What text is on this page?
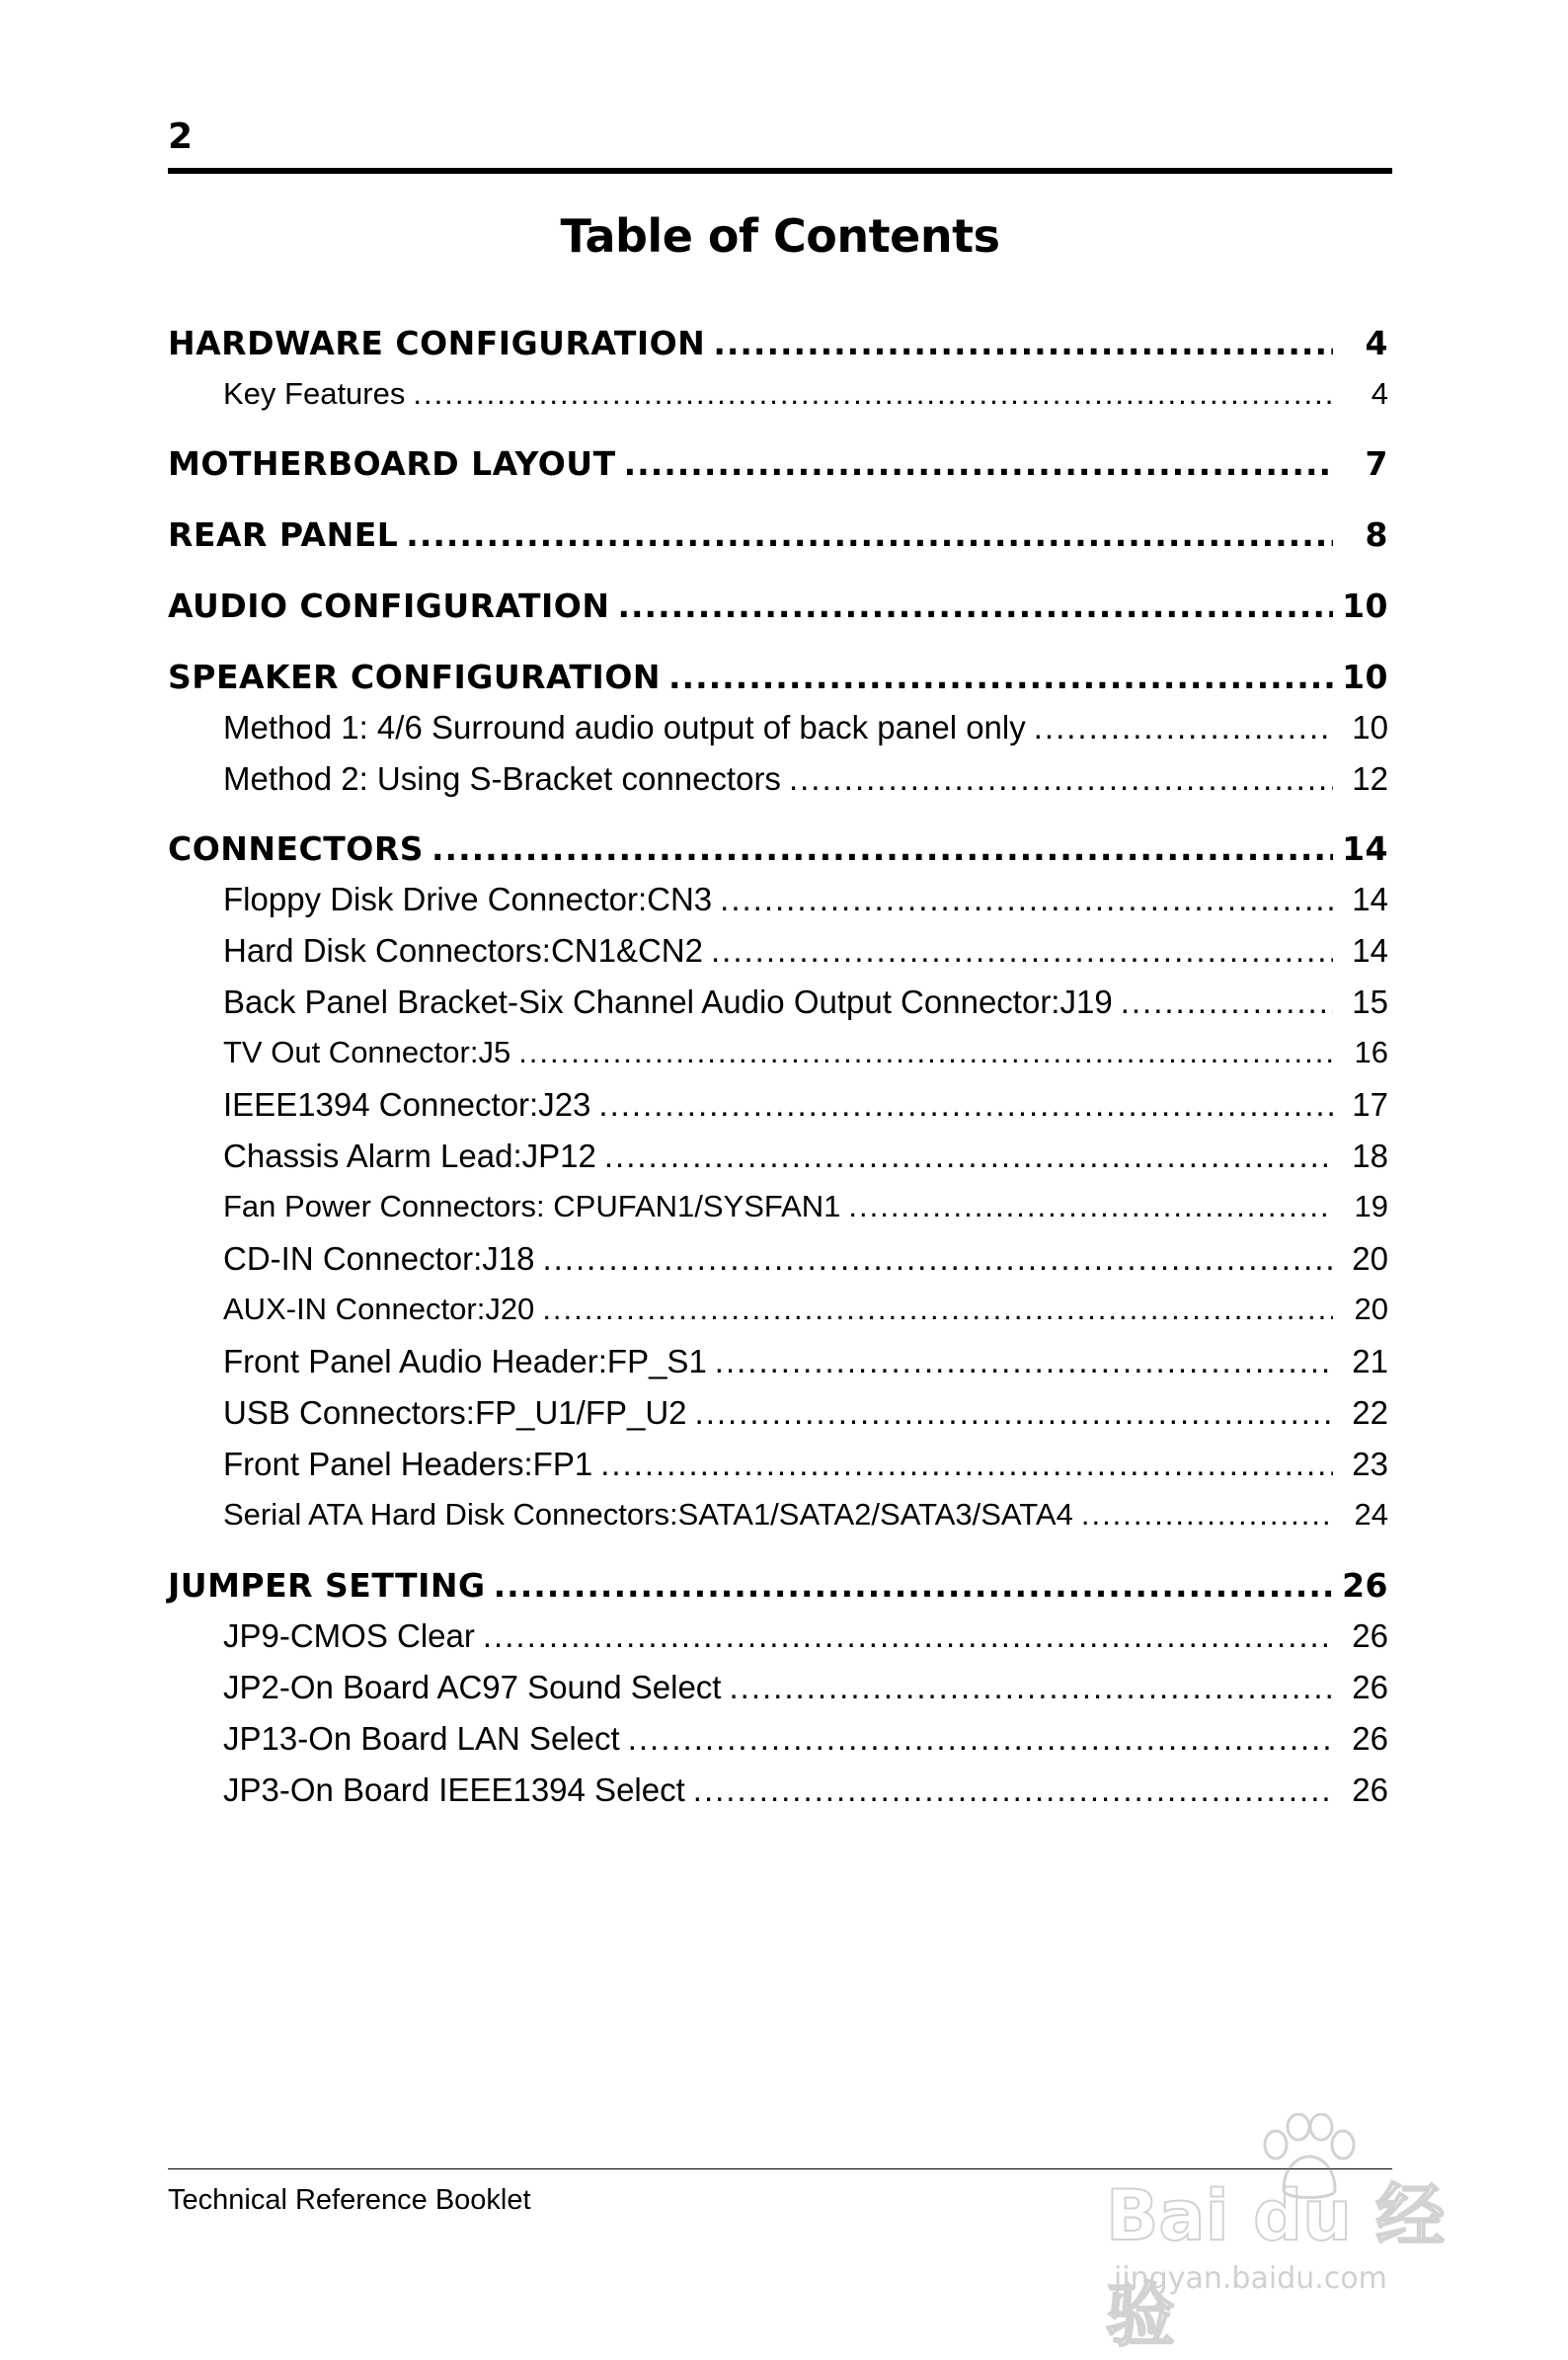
2
Table of Contents
HARDWARE CONFIGURATION .....	4
Key Features .....	4
MOTHERBOARD LAYOUT .....	7
REAR PANEL .....	8
AUDIO CONFIGURATION .....	10
SPEAKER CONFIGURATION .....	10
Method 1: 4/6 Surround audio output of back panel only .....	10
Method 2: Using S-Bracket connectors .....	12
CONNECTORS .....	14
Floppy Disk Drive Connector:CN3 .....	14
Hard Disk Connectors:CN1&CN2 .....	14
Back Panel Bracket-Six Channel Audio Output Connector:J19 .....	15
TV Out Connector:J5 .....	16
IEEE1394 Connector:J23 .....	17
Chassis Alarm Lead:JP12 .....	18
Fan Power Connectors: CPUFAN1/SYSFAN1 .....	19
CD-IN Connector:J18 .....	20
AUX-IN Connector:J20 .....	20
Front Panel Audio Header:FP_S1 .....	21
USB Connectors:FP_U1/FP_U2 .....	22
Front Panel Headers:FP1 .....	23
Serial ATA Hard Disk Connectors:SATA1/SATA2/SATA3/SATA4 .....	24
JUMPER SETTING .....	26
JP9-CMOS Clear .....	26
JP2-On Board AC97 Sound Select .....	26
JP13-On Board LAN Select .....	26
JP3-On Board IEEE1394 Select .....	26
Technical Reference Booklet	Bai du 经验
jingyan.baidu.com
